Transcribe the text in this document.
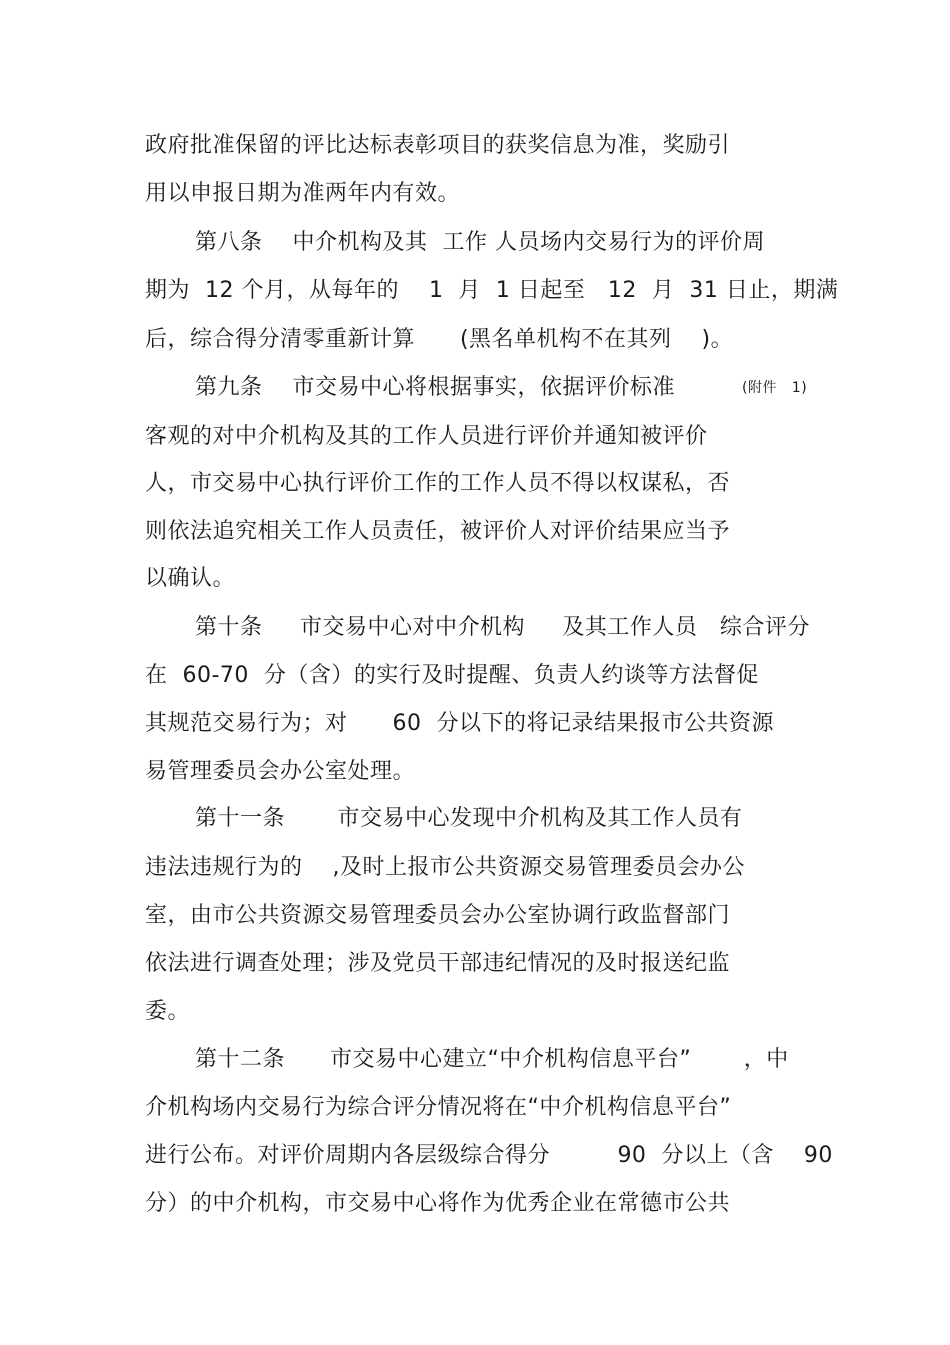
政府批准保留的评比达标表彰项目的获奖信息为准，奖励引
用以申报日期为准两年内有效。
第八条    中介机构及其  工作 人员场内交易行为的评价周
期为  12 个月，从每年的    1  月  1 日起至   12  月  31 日止，期满
后，综合得分清零重新计算      (黑名单机构不在其列    )。
第九条    市交易中心将根据事实，依据评价标准	(附件   1)
客观的对中介机构及其的工作人员进行评价并通知被评价
人，市交易中心执行评价工作的工作人员不得以权谋私，否
则依法追究相关工作人员责任，被评价人对评价结果应当予
以确认。
第十条     市交易中心对中介机构     及其工作人员   综合评分
在  60-70  分（含）的实行及时提醒、负责人约谈等方法督促
其规范交易行为；对      60  分以下的将记录结果报市公共资源
易管理委员会办公室处理。
第十一条       市交易中心发现中介机构及其工作人员有
违法违规行为的    ,及时上报市公共资源交易管理委员会办公
室，由市公共资源交易管理委员会办公室协调行政监督部门
依法进行调查处理；涉及党员干部违纪情况的及时报送纪监
委。
第十二条      市交易中心建立“中介机构信息平台”       ，中
介机构场内交易行为综合评分情况将在“中介机构信息平台”
进行公布。对评价周期内各层级综合得分         90  分以上（含    90
分）的中介机构，市交易中心将作为优秀企业在常德市公共
